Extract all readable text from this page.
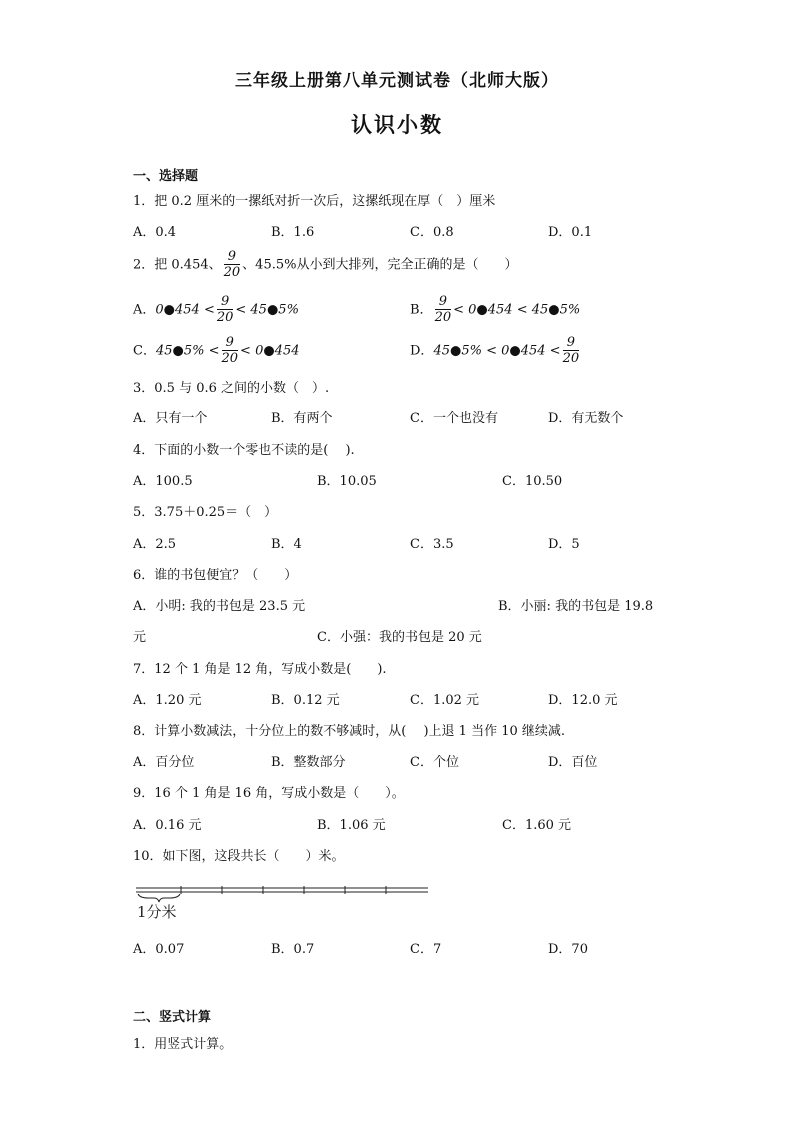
三年级上册第八单元测试卷（北师大版）
认识小数
一、选择题
1．把 0.2 厘米的一摞纸对折一次后，这摞纸现在厚（　）厘米
A．0.4	B．1.6	C．0.8	D．0.1
2．把 0.454、 $\frac{9}{20}$ 、45.5%从小到大排列，完全正确的是（　　）
A．0●454 < $\frac{9}{20}$ < 45●5%	B． $\frac{9}{20}$ < 0●454 < 45●5%
C．45●5% < $\frac{9}{20}$ < 0●454	D．45●5% < 0●454 < $\frac{9}{20}$
3．0.5 与 0.6 之间的小数（　）.
A．只有一个	B．有两个	C．一个也没有	D．有无数个
4．下面的小数一个零也不读的是(　 ).
A．100.5	B．10.05	C．10.50
5．3.75＋0.25＝（　）
A．2.5	B．4	C．3.5	D．5
6．谁的书包便宜？（　　）
A．小明: 我的书包是 23.5 元	B．小丽: 我的书包是 19.8
元	C．小强：我的书包是 20 元
7．12 个 1 角是 12 角，写成小数是(　　).
A．1.20 元	B．0.12 元	C．1.02 元	D．12.0 元
8．计算小数减法，十分位上的数不够减时，从(　 )上退 1 当作 10 继续减.
A．百分位	B．整数部分	C．个位	D．百位
9．16 个 1 角是 16 角，写成小数是（　　）。
A．0.16 元	B．1.06 元	C．1.60 元
10．如下图，这段共长（　　）米。
1分米
A．0.07	B．0.7	C．7	D．70
二、竖式计算
1．用竖式计算。
